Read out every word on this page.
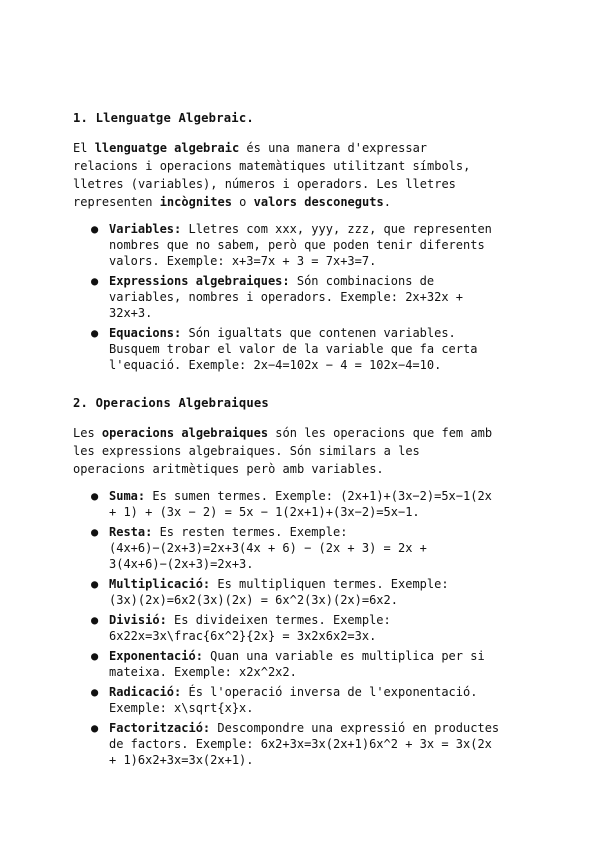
1. Llenguatge Algebraic.
El llenguatge algebraic és una manera d'expressar
relacions i operacions matemàtiques utilitzant símbols,
lletres (variables), números i operadors. Les lletres
representen incògnites o valors desconeguts.
● Variables: Lletres com xxx, yyy, zzz, que representen
nombres que no sabem, però que poden tenir diferents
valors. Exemple: x+3=7x + 3 = 7x+3=7.
● Expressions algebraiques: Són combinacions de
variables, nombres i operadors. Exemple: 2x+32x +
32x+3.
● Equacions: Són igualtats que contenen variables.
Busquem trobar el valor de la variable que fa certa
l'equació. Exemple: 2x−4=102x − 4 = 102x−4=10.
2. Operacions Algebraiques
Les operacions algebraiques són les operacions que fem amb
les expressions algebraiques. Són similars a les
operacions aritmètiques però amb variables.
● Suma: Es sumen termes. Exemple: (2x+1)+(3x−2)=5x−1(2x
+ 1) + (3x − 2) = 5x − 1(2x+1)+(3x−2)=5x−1.
● Resta: Es resten termes. Exemple:
(4x+6)−(2x+3)=2x+3(4x + 6) − (2x + 3) = 2x +
3(4x+6)−(2x+3)=2x+3.
● Multiplicació: Es multipliquen termes. Exemple:
(3x)(2x)=6x2(3x)(2x) = 6x^2(3x)(2x)=6x2.
● Divisió: Es divideixen termes. Exemple:
6x22x=3x\frac{6x^2}{2x} = 3x2x6x2=3x.
● Exponentació: Quan una variable es multiplica per si
mateixa. Exemple: x2x^2x2.
● Radicació: És l'operació inversa de l'exponentació.
Exemple: x\sqrt{x}x.
● Factorització: Descompondre una expressió en productes
de factors. Exemple: 6x2+3x=3x(2x+1)6x^2 + 3x = 3x(2x
+ 1)6x2+3x=3x(2x+1).
